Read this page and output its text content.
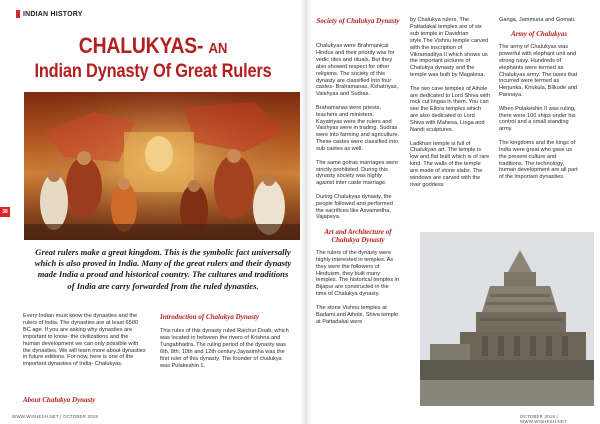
INDIAN HISTORY
CHALUKYAS- AN
Indian Dynasty Of Great Rulers
38
Great rulers make a great kingdom. This is the symbolic fact universally which is also proved in India. Many of the great rulers and their dynasty made India a proud and historical country. The cultures and traditions of India are carry forwarded from the ruled dynasties.

Every Indian must know the dynasties and the rulers of India. The dynasties are at least 6500 BC age. If you are asking why dynasties are important to know- the civilizations and the human development we can only possible with the dynasties. We will learn more about dynasties in future editions. For now, here is one of the important dynasties of India- Chalukyas.

About Chalukya Dynasty
Introduction of Chalukya Dynasty

This rules of this dynasty ruled Raichur Doab, which was located in between the rivers of Krishna and Tungabhadra. The ruling period of the dynasty was 6th, 8th, 10th and 12th century.Jayasimha was the first ruler of this dynasty. The founder of chalukya was Pulakeshin 1.

Society of Chalukya Dynasty

Chalukyas were Brahmanical Hindus and their priority was for vedic rites and rituals. But they also showed respect for other religions. The society of this dynasty are classified into four castes- Brahamanas, Kshatriyas, Vaishyas and Sudras.

Brahamanas were priests, teachers and ministers. Kayatriyas were the rulers and Vaishyas were in trading. Sudras were into farming and agriculture. These castes were classified into sub castes as well.

The same gotras marriages were strictly prohibited. During this dynasty society was highly against inter caste marriage.

During Chalukyas dynasty, the people followed and performed the sacrifices like Asvamedha, Vajapeya.

Art and Architecture of Chalukya Dynasty

The rulers of the dynasty were highly interested in temples. As they were the followers of Hinduism, they built many temples. The historical temples in Bijapur are constructed in the time of Chalukya dynasty.

The stone Vishnu temples at Badami and Aihole, Shiva temple at Pattadakal were

by Chalukya rulers. The Pattadakal temples are of six sub temple in Davidrian style.The Vishnu temple carved with the inscription of Vikramaditya II which shows us the important pictures of Chalukya dynasty and the temple was built by Magalesa.

The two cave temples of Aihole are dedicated to Lord Shiva with rock cut lingas in them. You can see the Ellora temples which are also dedicated to Lord Shiva with Mahesa, Linga and Nandi sculptures.

Ladkhan temple is full of Chalukyan art. The temple is low and flat built which is of rare kind. The walls of the temple are made of stone slabs. The windows are carved with the river goddess

Ganga, Jammuna and Gomati.

Army of Chalukyas

The army of Chalukyas was powerful with elephant unit and strong navy. Hundreds of elephants were termed as Chalukyas army. The taxes that incurred were termed as Herjunka, Kirukula, Bilkode and Pannaya.

When Pulakeshin II was ruling, there were 100 ships under his control and a small standing army.

The kingdoms and the kings of India were great who gave us the present culture and traditions. The technology, human development are all part of the important dynasties.

WWW.WISHESH.NET | OCTOBER 2019	OCTOBER 2019 | WWW.WISHESH.NET
